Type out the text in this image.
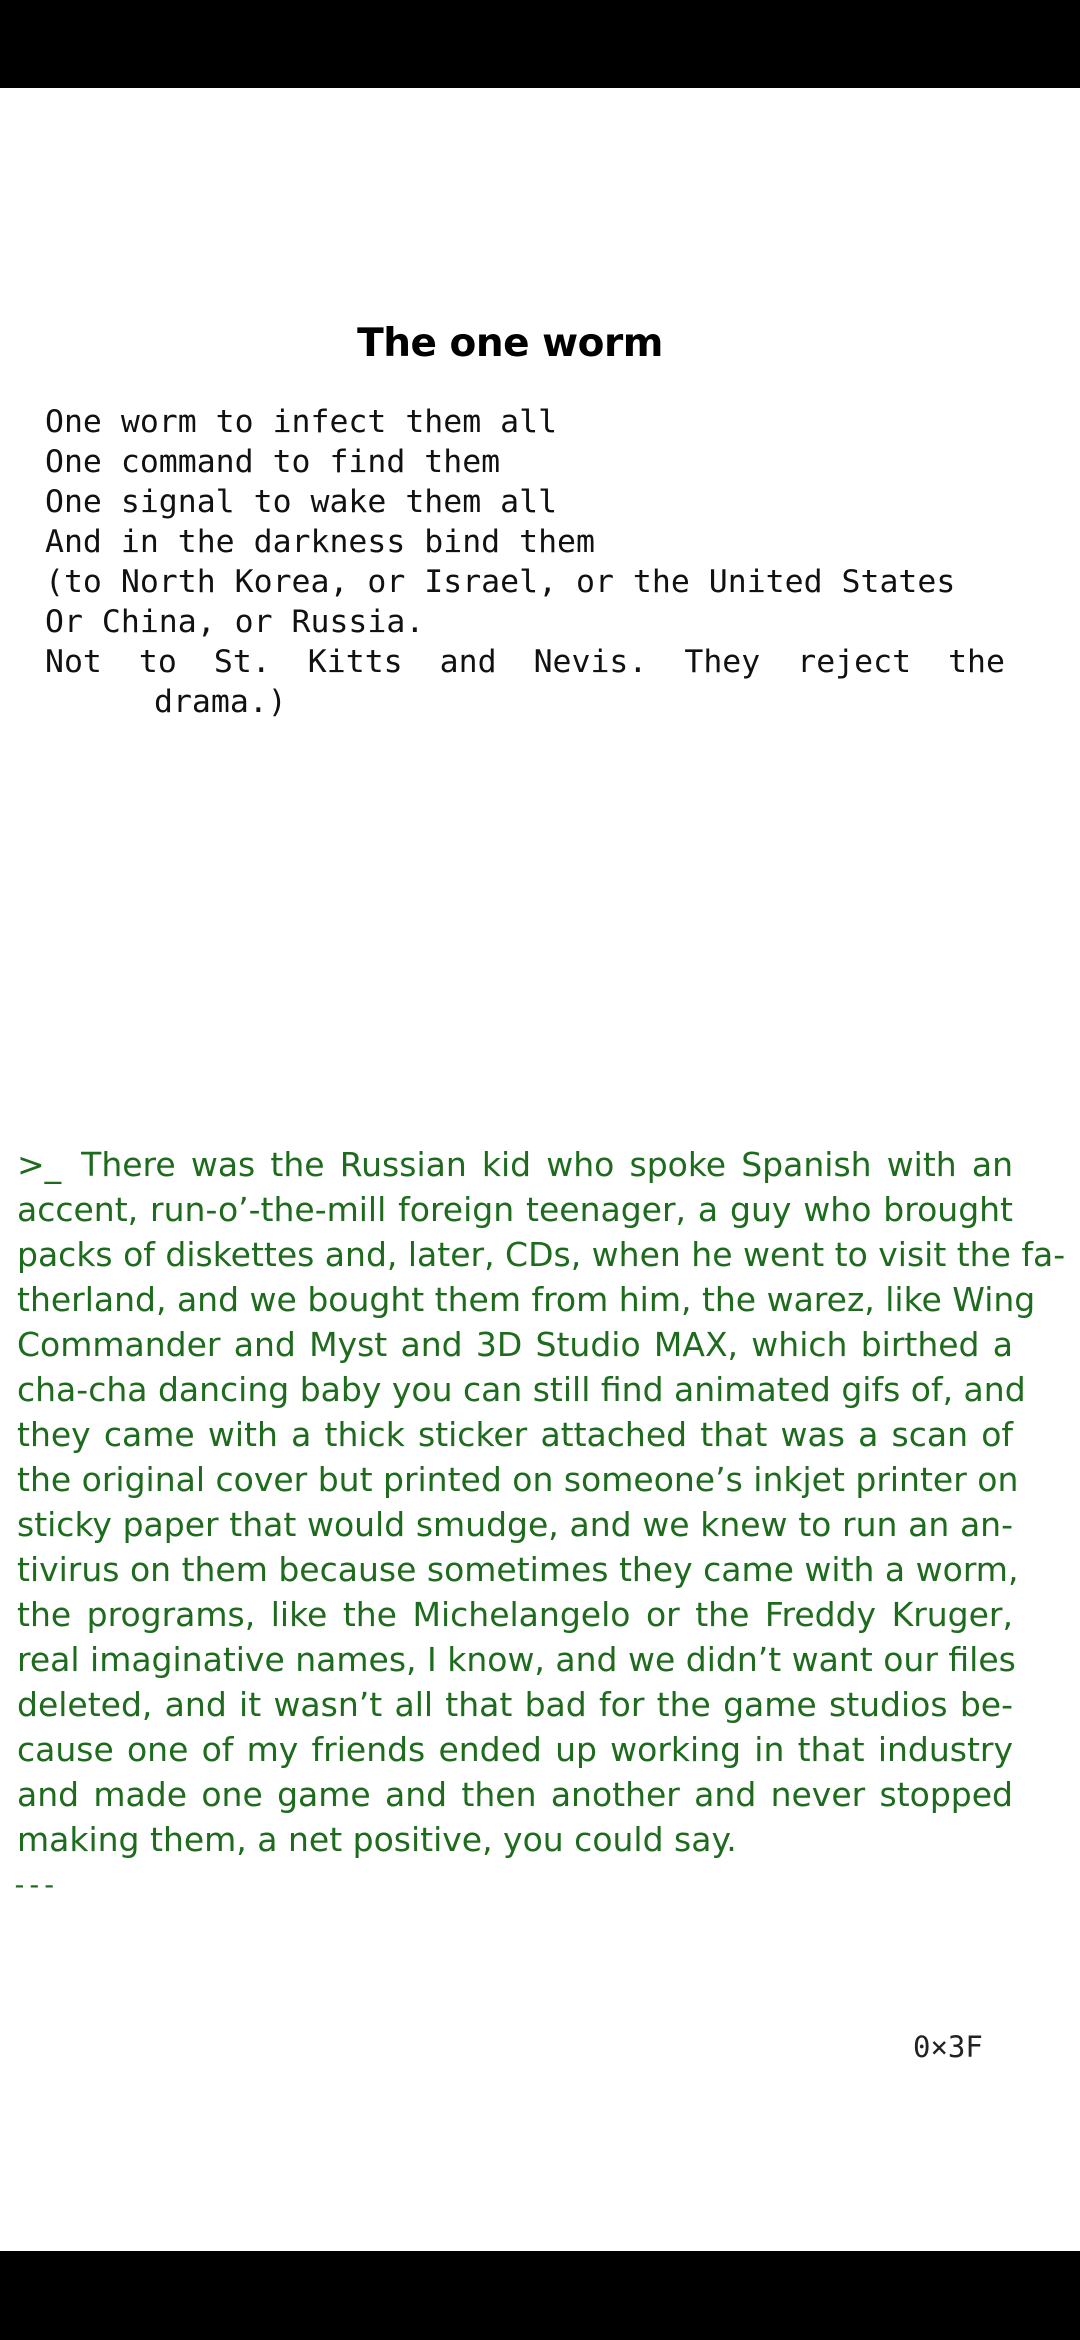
The one worm
One worm to infect them all
One command to find them
One signal to wake them all
And in the darkness bind them
(to North Korea, or Israel, or the United States
Or China, or Russia.
Not to St. Kitts and Nevis. They reject the
drama.)
>_ There was the Russian kid who spoke Spanish with an
accent, run-o’-the-mill foreign teenager, a guy who brought
packs of diskettes and, later, CDs, when he went to visit the fa-
therland, and we bought them from him, the warez, like Wing
Commander and Myst and 3D Studio MAX, which birthed a
cha-cha dancing baby you can still find animated gifs of, and
they came with a thick sticker attached that was a scan of
the original cover but printed on someone’s inkjet printer on
sticky paper that would smudge, and we knew to run an an-
tivirus on them because sometimes they came with a worm,
the programs, like the Michelangelo or the Freddy Kruger,
real imaginative names, I know, and we didn’t want our files
deleted, and it wasn’t all that bad for the game studios be-
cause one of my friends ended up working in that industry
and made one game and then another and never stopped
making them, a net positive, you could say.
---
0×3F
